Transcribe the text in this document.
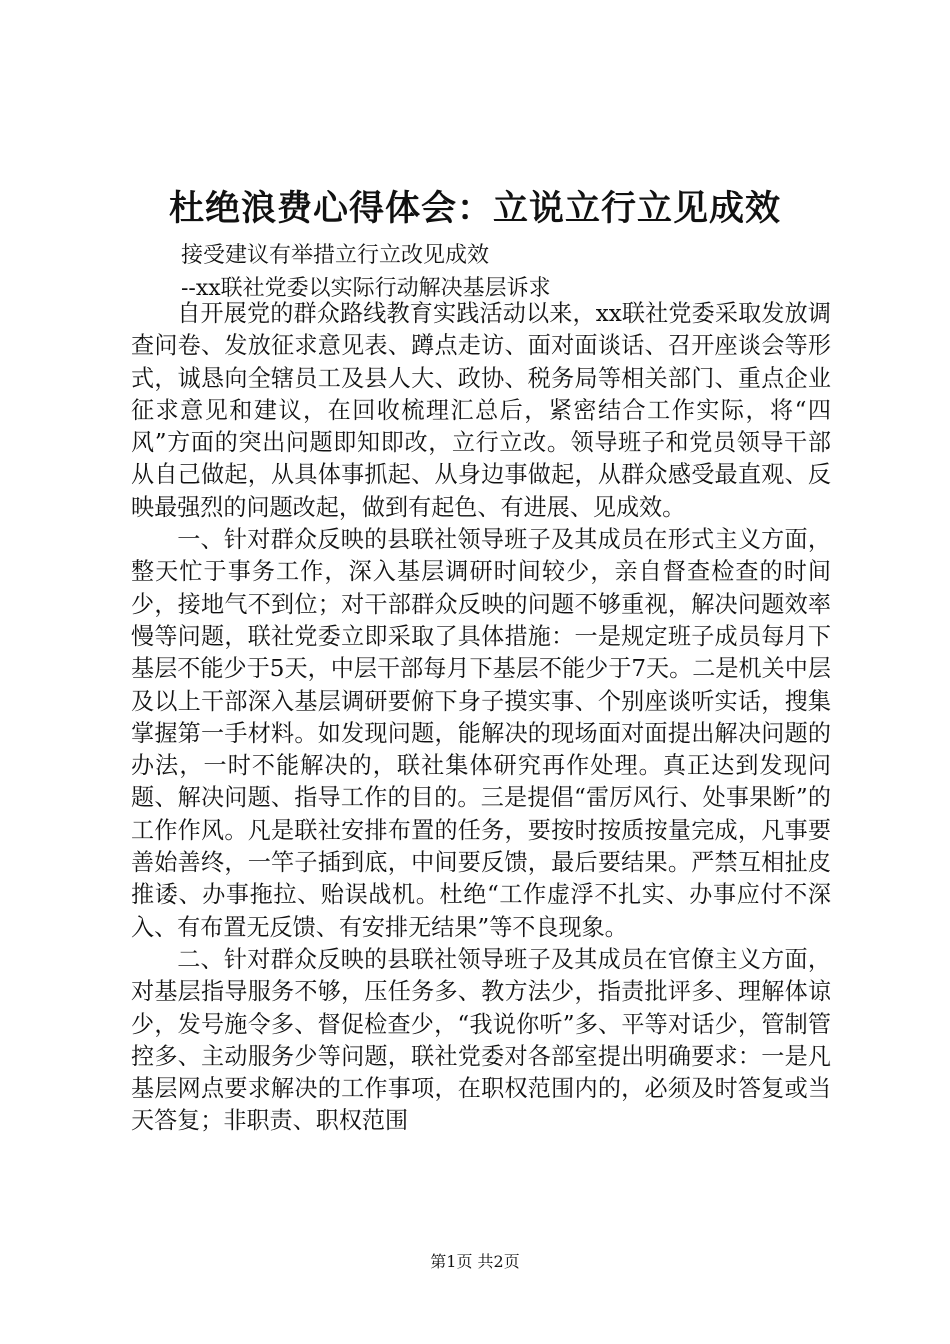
杜绝浪费心得体会：立说立行立见成效
接受建议有举措立行立改见成效
--xx联社党委以实际行动解决基层诉求

自开展党的群众路线教育实践活动以来，xx联社党委采取发放调查问卷、发放征求意见表、蹲点走访、面对面谈话、召开座谈会等形式，诚恳向全辖员工及县人大、政协、税务局等相关部门、重点企业征求意见和建议，在回收梳理汇总后，紧密结合工作实际，将“四风”方面的突出问题即知即改，立行立改。领导班子和党员领导干部从自己做起，从具体事抓起、从身边事做起，从群众感受最直观、反映最强烈的问题改起，做到有起色、有进展、见成效。

一、针对群众反映的县联社领导班子及其成员在形式主义方面，整天忙于事务工作，深入基层调研时间较少，亲自督查检查的时间少，接地气不到位；对干部群众反映的问题不够重视，解决问题效率慢等问题，联社党委立即采取了具体措施：一是规定班子成员每月下基层不能少于5天，中层干部每月下基层不能少于7天。二是机关中层及以上干部深入基层调研要俯下身子摸实事、个别座谈听实话，搜集掌握第一手材料。如发现问题，能解决的现场面对面提出解决问题的办法，一时不能解决的，联社集体研究再作处理。真正达到发现问题、解决问题、指导工作的目的。三是提倡“雷厉风行、处事果断”的工作作风。凡是联社安排布置的任务，要按时按质按量完成，凡事要善始善终，一竿子插到底，中间要反馈，最后要结果。严禁互相扯皮推诿、办事拖拉、贻误战机。杜绝“工作虚浮不扎实、办事应付不深入、有布置无反馈、有安排无结果”等不良现象。

二、针对群众反映的县联社领导班子及其成员在官僚主义方面，对基层指导服务不够，压任务多、教方法少，指责批评多、理解体谅少，发号施令多、督促检查少，“我说你听”多、平等对话少，管制管控多、主动服务少等问题，联社党委对各部室提出明确要求：一是凡基层网点要求解决的工作事项，在职权范围内的，必须及时答复或当天答复；非职责、职权范围

第1页 共2页
